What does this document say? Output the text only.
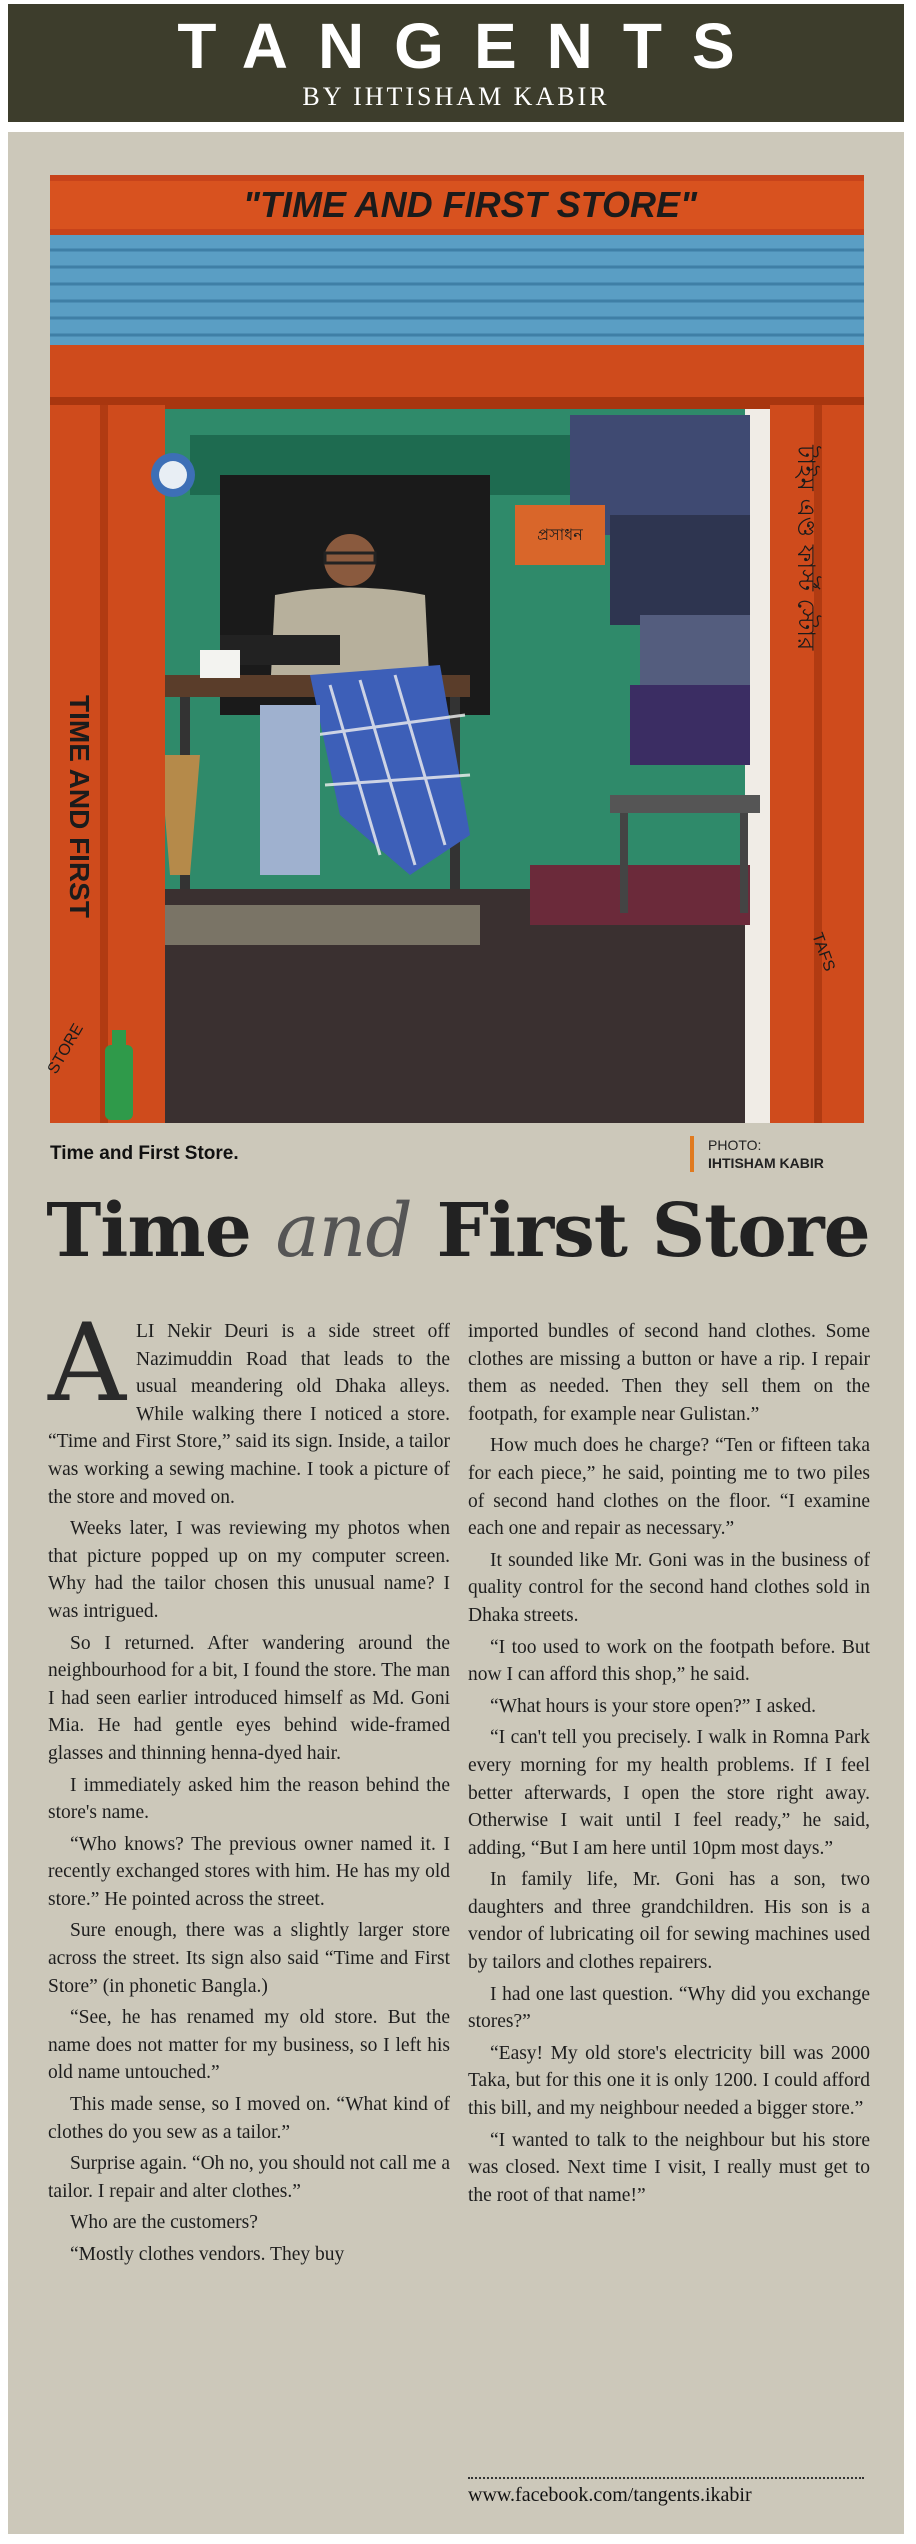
TANGENTS
BY IHTISHAM KABIR
"TIME AND FIRST STORE"
প্রসাধন
TIME AND FIRST
STORE
টাইম এণ্ড ফার্স্ট স্টোর
TAFS
Time and First Store.	PHOTO:
IHTISHAM KABIR
Time and First Store

ALI Nekir Deuri is a side street off Nazimuddin Road that leads to the usual meandering old Dhaka alleys. While walking there I noticed a store. “Time and First Store,” said its sign. Inside, a tailor was working a sewing machine. I took a picture of the store and moved on.

Weeks later, I was reviewing my photos when that picture popped up on my computer screen. Why had the tailor chosen this unusual name? I was intrigued.

So I returned. After wandering around the neighbourhood for a bit, I found the store. The man I had seen earlier introduced himself as Md. Goni Mia. He had gentle eyes behind wide-framed glasses and thinning henna-dyed hair.

I immediately asked him the reason behind the store's name.

“Who knows? The previous owner named it. I recently exchanged stores with him. He has my old store.” He pointed across the street.

Sure enough, there was a slightly larger store across the street. Its sign also said “Time and First Store” (in phonetic Bangla.)

“See, he has renamed my old store. But the name does not matter for my business, so I left his old name untouched.”

This made sense, so I moved on. “What kind of clothes do you sew as a tailor.”

Surprise again. “Oh no, you should not call me a tailor. I repair and alter clothes.”

Who are the customers?

“Mostly clothes vendors. They buy

imported bundles of second hand clothes. Some clothes are missing a button or have a rip. I repair them as needed. Then they sell them on the footpath, for example near Gulistan.”

How much does he charge? “Ten or fifteen taka for each piece,” he said, pointing me to two piles of second hand clothes on the floor. “I examine each one and repair as necessary.”

It sounded like Mr. Goni was in the business of quality control for the second hand clothes sold in Dhaka streets.

“I too used to work on the footpath before. But now I can afford this shop,” he said.

“What hours is your store open?” I asked.

“I can't tell you precisely. I walk in Romna Park every morning for my health problems. If I feel better afterwards, I open the store right away. Otherwise I wait until I feel ready,” he said, adding, “But I am here until 10pm most days.”

In family life, Mr. Goni has a son, two daughters and three grandchildren. His son is a vendor of lubricating oil for sewing machines used by tailors and clothes repairers.

I had one last question. “Why did you exchange stores?”

“Easy! My old store's electricity bill was 2000 Taka, but for this one it is only 1200. I could afford this bill, and my neighbour needed a bigger store.”

“I wanted to talk to the neighbour but his store was closed. Next time I visit, I really must get to the root of that name!”

www.facebook.com/tangents.ikabir
